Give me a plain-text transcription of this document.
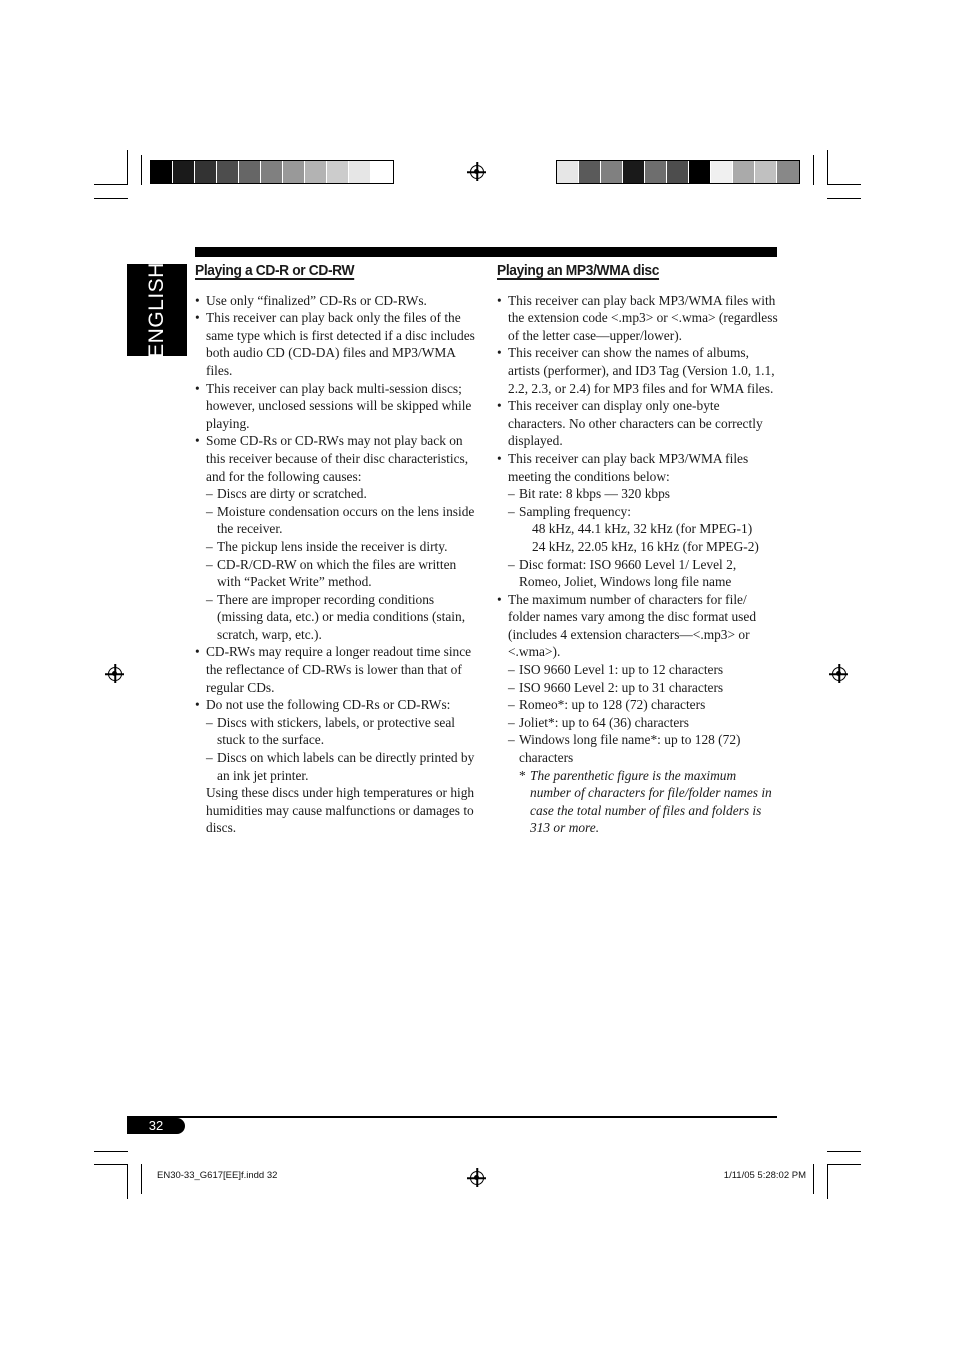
ENGLISH Playing a CD-R or CD-RW
• Use only “finalized” CD-Rs or CD-RWs.
• This receiver can play back only the files of the same type which is first detected if a disc includes both audio CD (CD-DA) files and MP3/WMA files.
• This receiver can play back multi-session discs; however, unclosed sessions will be skipped while playing.
• Some CD-Rs or CD-RWs may not play back on this receiver because of their disc characteristics, and for the following causes:
– Discs are dirty or scratched.
– Moisture condensation occurs on the lens inside the receiver.
– The pickup lens inside the receiver is dirty.
– CD-R/CD-RW on which the files are written with “Packet Write” method.
– There are improper recording conditions (missing data, etc.) or media conditions (stain, scratch, warp, etc.).
• CD-RWs may require a longer readout time since the reflectance of CD-RWs is lower than that of regular CDs.
• Do not use the following CD-Rs or CD-RWs:
– Discs with stickers, labels, or protective seal stuck to the surface.
– Discs on which labels can be directly printed by an ink jet printer.
Using these discs under high temperatures or high humidities may cause malfunctions or damages to discs.
Playing an MP3/WMA disc
• This receiver can play back MP3/WMA files with the extension code <.mp3> or <.wma> (regardless of the letter case—upper/lower).
• This receiver can show the names of albums, artists (performer), and ID3 Tag (Version 1.0, 1.1, 2.2, 2.3, or 2.4) for MP3 files and for WMA files.
• This receiver can display only one-byte characters. No other characters can be correctly displayed.
• This receiver can play back MP3/WMA files meeting the conditions below:
– Bit rate: 8 kbps — 320 kbps
– Sampling frequency:
48 kHz, 44.1 kHz, 32 kHz (for MPEG-1)
24 kHz, 22.05 kHz, 16 kHz (for MPEG-2)
– Disc format: ISO 9660 Level 1/ Level 2, Romeo, Joliet, Windows long file name
• The maximum number of characters for file/ folder names vary among the disc format used (includes 4 extension characters—<.mp3> or <.wma>).
– ISO 9660 Level 1: up to 12 characters
– ISO 9660 Level 2: up to 31 characters
– Romeo*: up to 128 (72) characters
– Joliet*: up to 64 (36) characters
– Windows long file name*: up to 128 (72) characters
* The parenthetic figure is the maximum number of characters for file/folder names in case the total number of files and folders is 313 or more.
32
EN30-33_G617[EE]f.indd 32	1/11/05 5:28:02 PM
